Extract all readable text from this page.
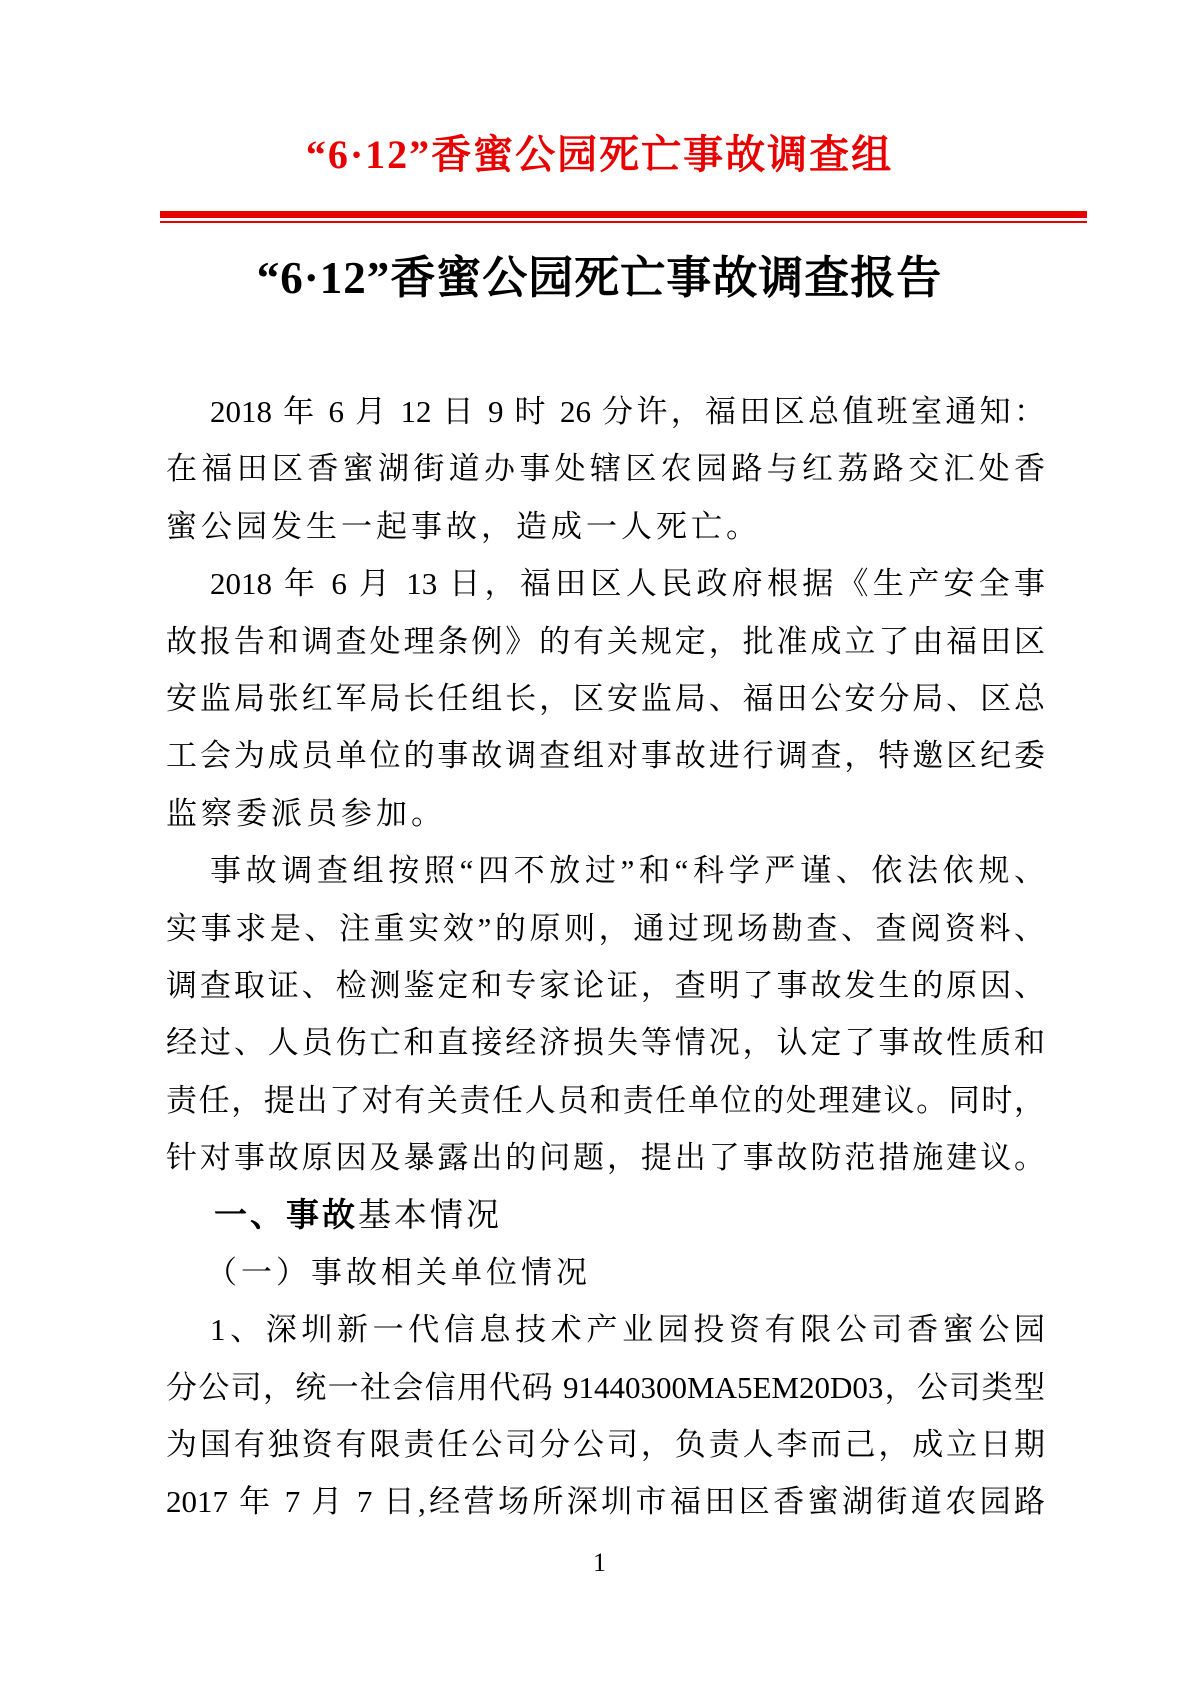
“6·12”香蜜公园死亡事故调查组
“6·12”香蜜公园死亡事故调查报告
2018 年 6 月 12 日 9 时 26 分许，福田区总值班室通知：
在福田区香蜜湖街道办事处辖区农园路与红荔路交汇处香
蜜公园发生一起事故，造成一人死亡。
2018 年 6 月 13 日，福田区人民政府根据《生产安全事
故报告和调查处理条例》的有关规定，批准成立了由福田区
安监局张红军局长任组长，区安监局、福田公安分局、区总
工会为成员单位的事故调查组对事故进行调查，特邀区纪委
监察委派员参加。
事故调查组按照“四不放过”和“科学严谨、依法依规、
实事求是、注重实效”的原则，通过现场勘查、查阅资料、
调查取证、检测鉴定和专家论证，查明了事故发生的原因、
经过、人员伤亡和直接经济损失等情况，认定了事故性质和
责任，提出了对有关责任人员和责任单位的处理建议。同时，
针对事故原因及暴露出的问题，提出了事故防范措施建议。
一、事故基本情况
（一）事故相关单位情况
1、深圳新一代信息技术产业园投资有限公司香蜜公园
分公司，统一社会信用代码 91440300MA5EM20D03，公司类型
为国有独资有限责任公司分公司，负责人李而己，成立日期
2017 年 7 月 7 日,经营场所深圳市福田区香蜜湖街道农园路
1
